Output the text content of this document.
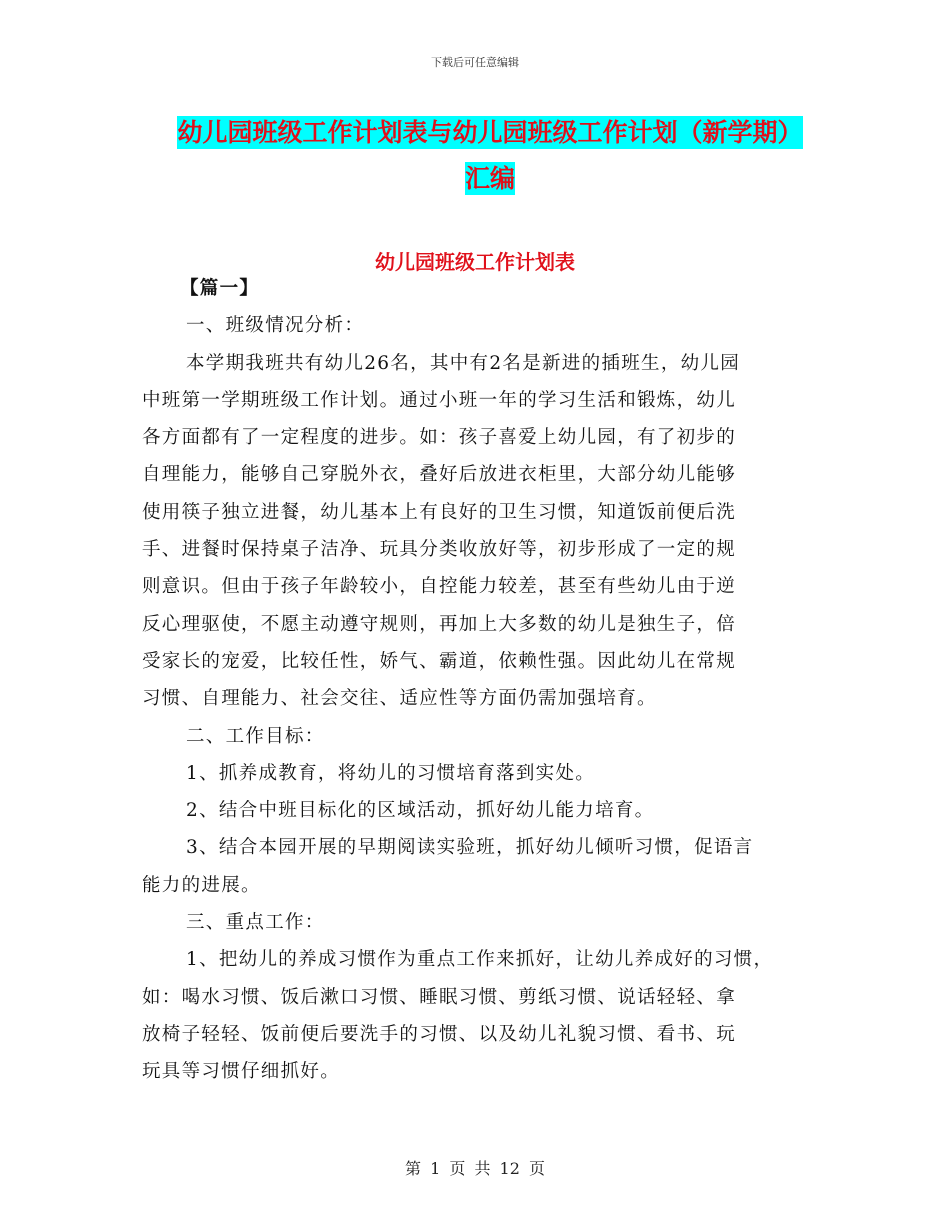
下载后可任意编辑
幼儿园班级工作计划表与幼儿园班级工作计划（新学期）汇编
幼儿园班级工作计划表
【篇一】
一、班级情况分析：
本学期我班共有幼儿26名，其中有2名是新进的插班生，幼儿园
中班第一学期班级工作计划。通过小班一年的学习生活和锻炼，幼儿
各方面都有了一定程度的进步。如：孩子喜爱上幼儿园，有了初步的
自理能力，能够自己穿脱外衣，叠好后放进衣柜里，大部分幼儿能够
使用筷子独立进餐，幼儿基本上有良好的卫生习惯，知道饭前便后洗
手、进餐时保持桌子洁净、玩具分类收放好等，初步形成了一定的规
则意识。但由于孩子年龄较小，自控能力较差，甚至有些幼儿由于逆
反心理驱使，不愿主动遵守规则，再加上大多数的幼儿是独生子，倍
受家长的宠爱，比较任性，娇气、霸道，依赖性强。因此幼儿在常规
习惯、自理能力、社会交往、适应性等方面仍需加强培育。
二、工作目标：
1、抓养成教育，将幼儿的习惯培育落到实处。
2、结合中班目标化的区域活动，抓好幼儿能力培育。
3、结合本园开展的早期阅读实验班，抓好幼儿倾听习惯，促语言
能力的进展。
三、重点工作：
1、把幼儿的养成习惯作为重点工作来抓好，让幼儿养成好的习惯，
如：喝水习惯、饭后漱口习惯、睡眠习惯、剪纸习惯、说话轻轻、拿
放椅子轻轻、饭前便后要洗手的习惯、以及幼儿礼貌习惯、看书、玩
玩具等习惯仔细抓好。
第 1 页 共 12 页
